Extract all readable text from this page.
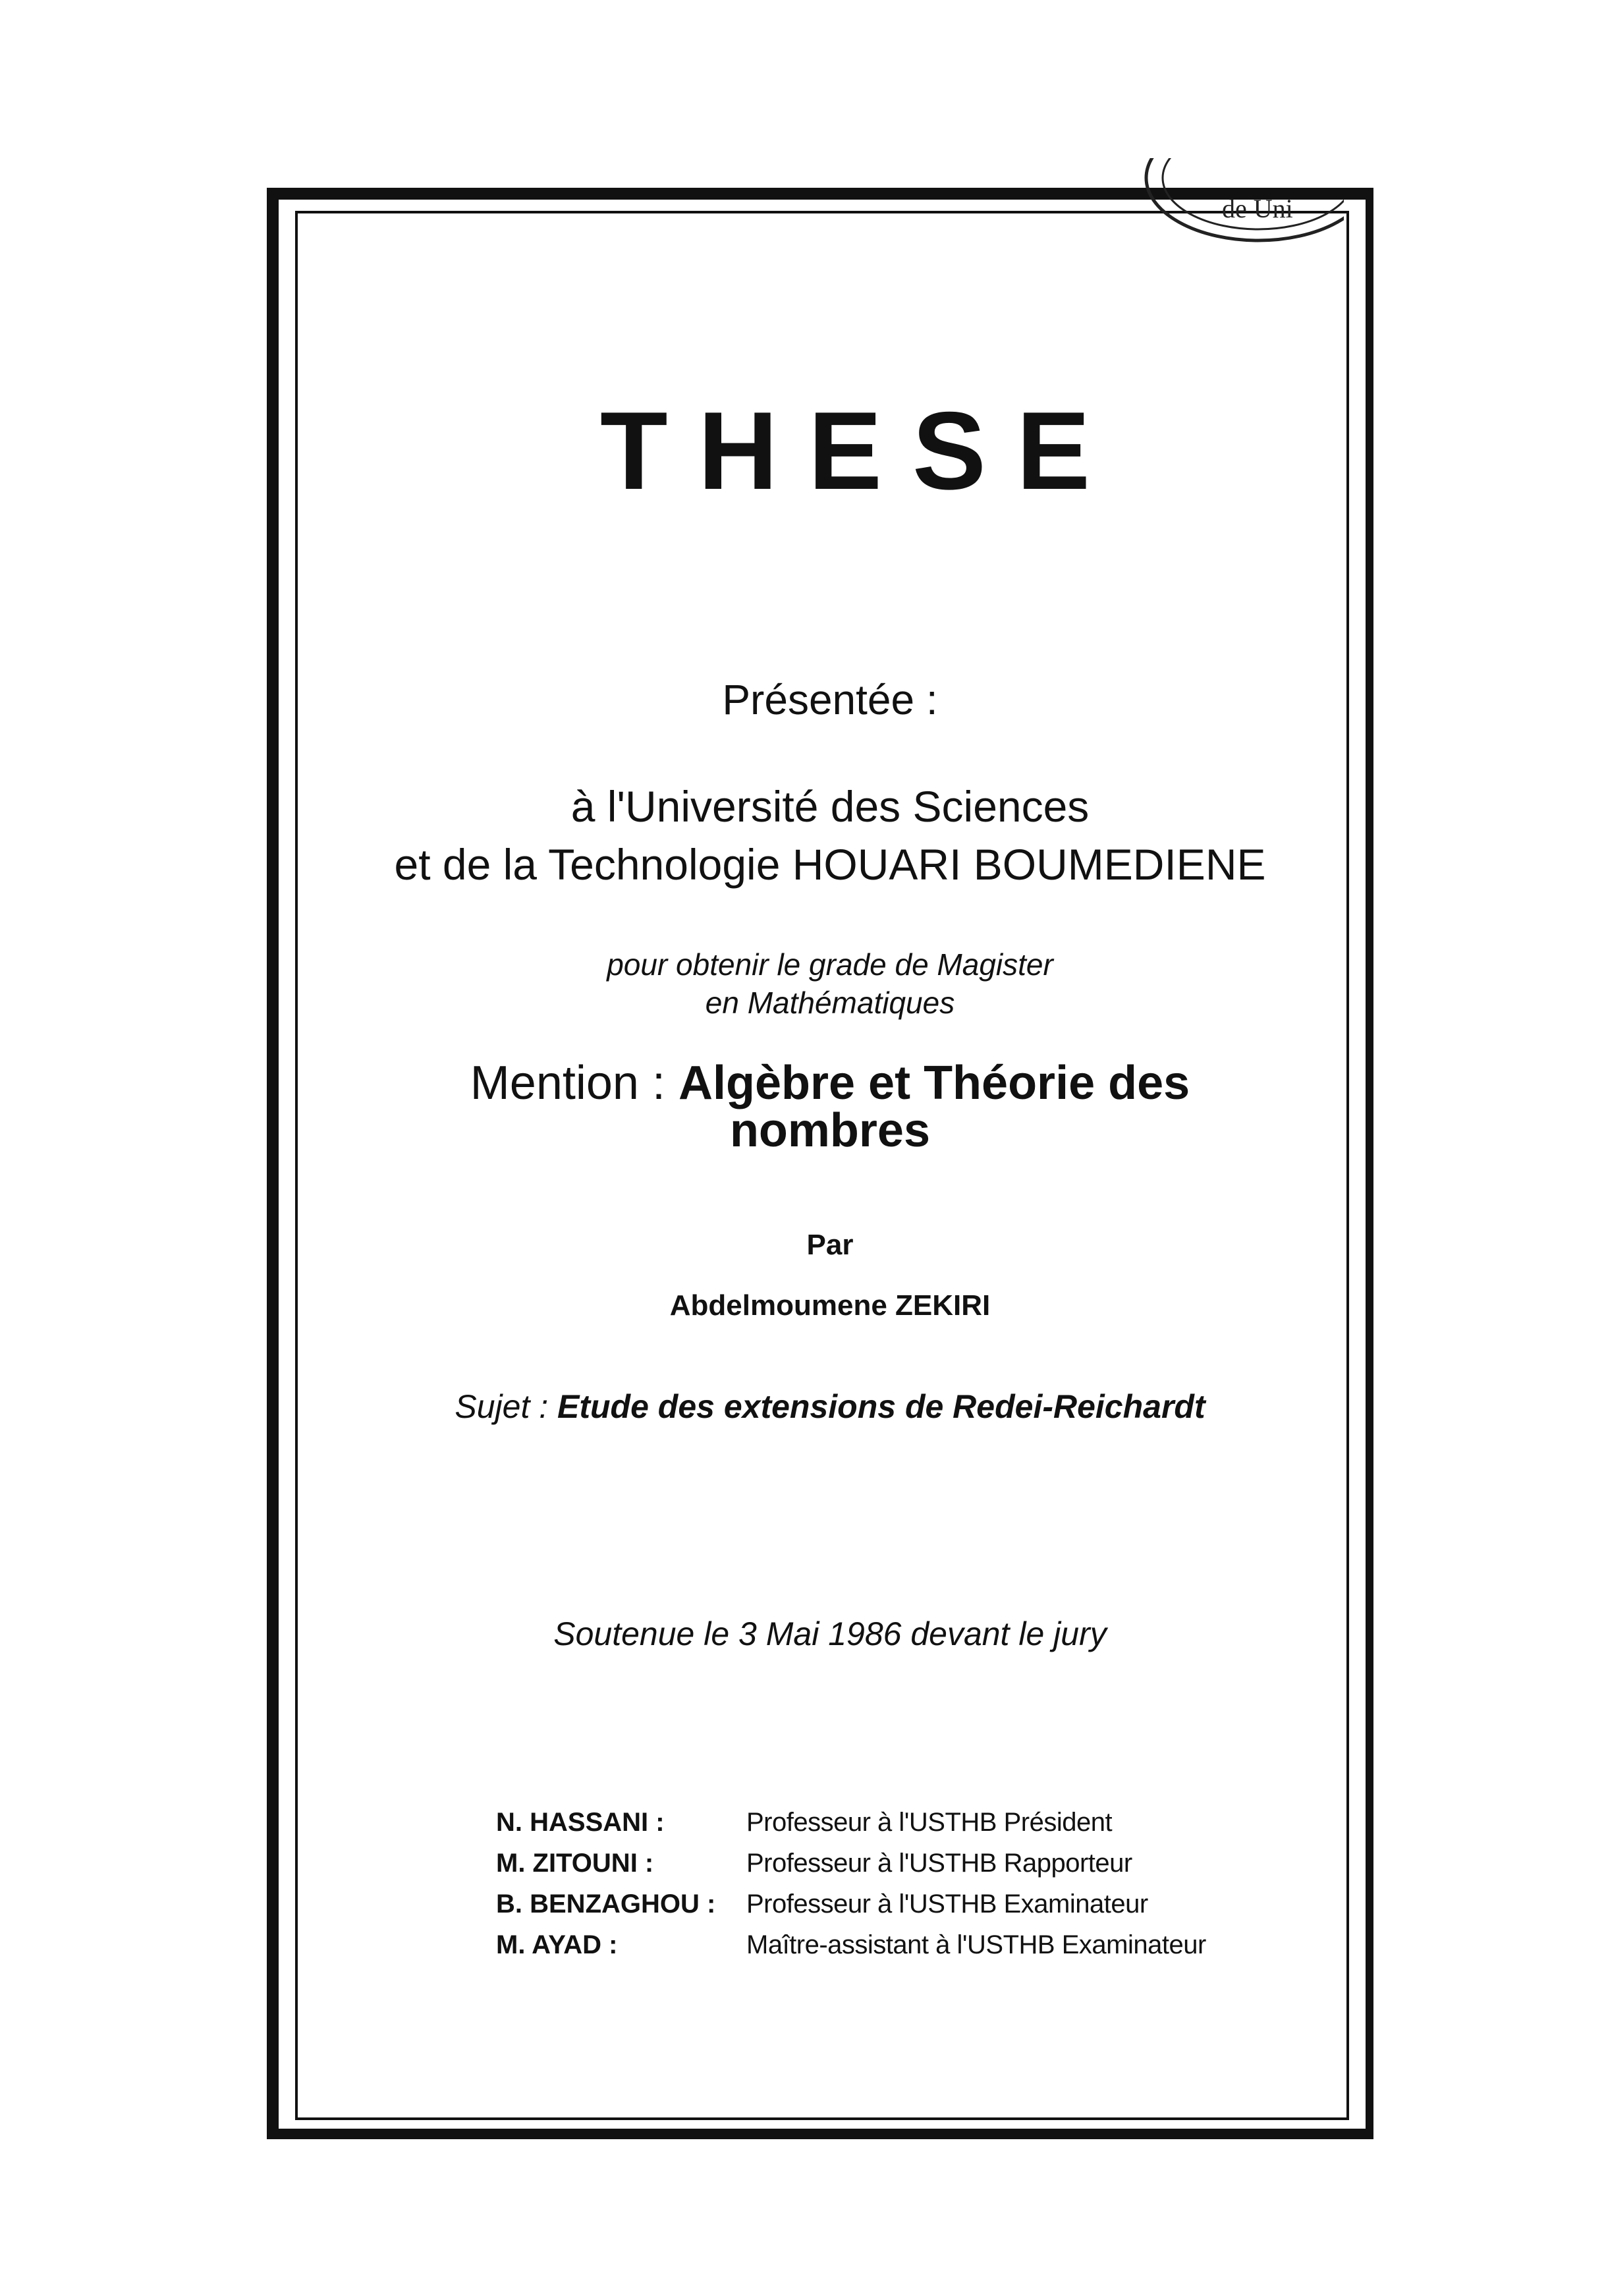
de Uni
THESE
Présentée :
à l'Université des Sciences
et de la Technologie HOUARI BOUMEDIENE
pour obtenir le grade de Magister
en Mathématiques
Mention : Algèbre et Théorie des nombres
Par
Abdelmoumene ZEKIRI
Sujet : Etude des extensions de Redei-Reichardt
Soutenue le 3 Mai 1986 devant le jury
N. HASSANI :	Professeur à l'USTHB Président
M. ZITOUNI :	Professeur à l'USTHB Rapporteur
B. BENZAGHOU :	Professeur à l'USTHB Examinateur
M. AYAD :	Maître-assistant à l'USTHB Examinateur
